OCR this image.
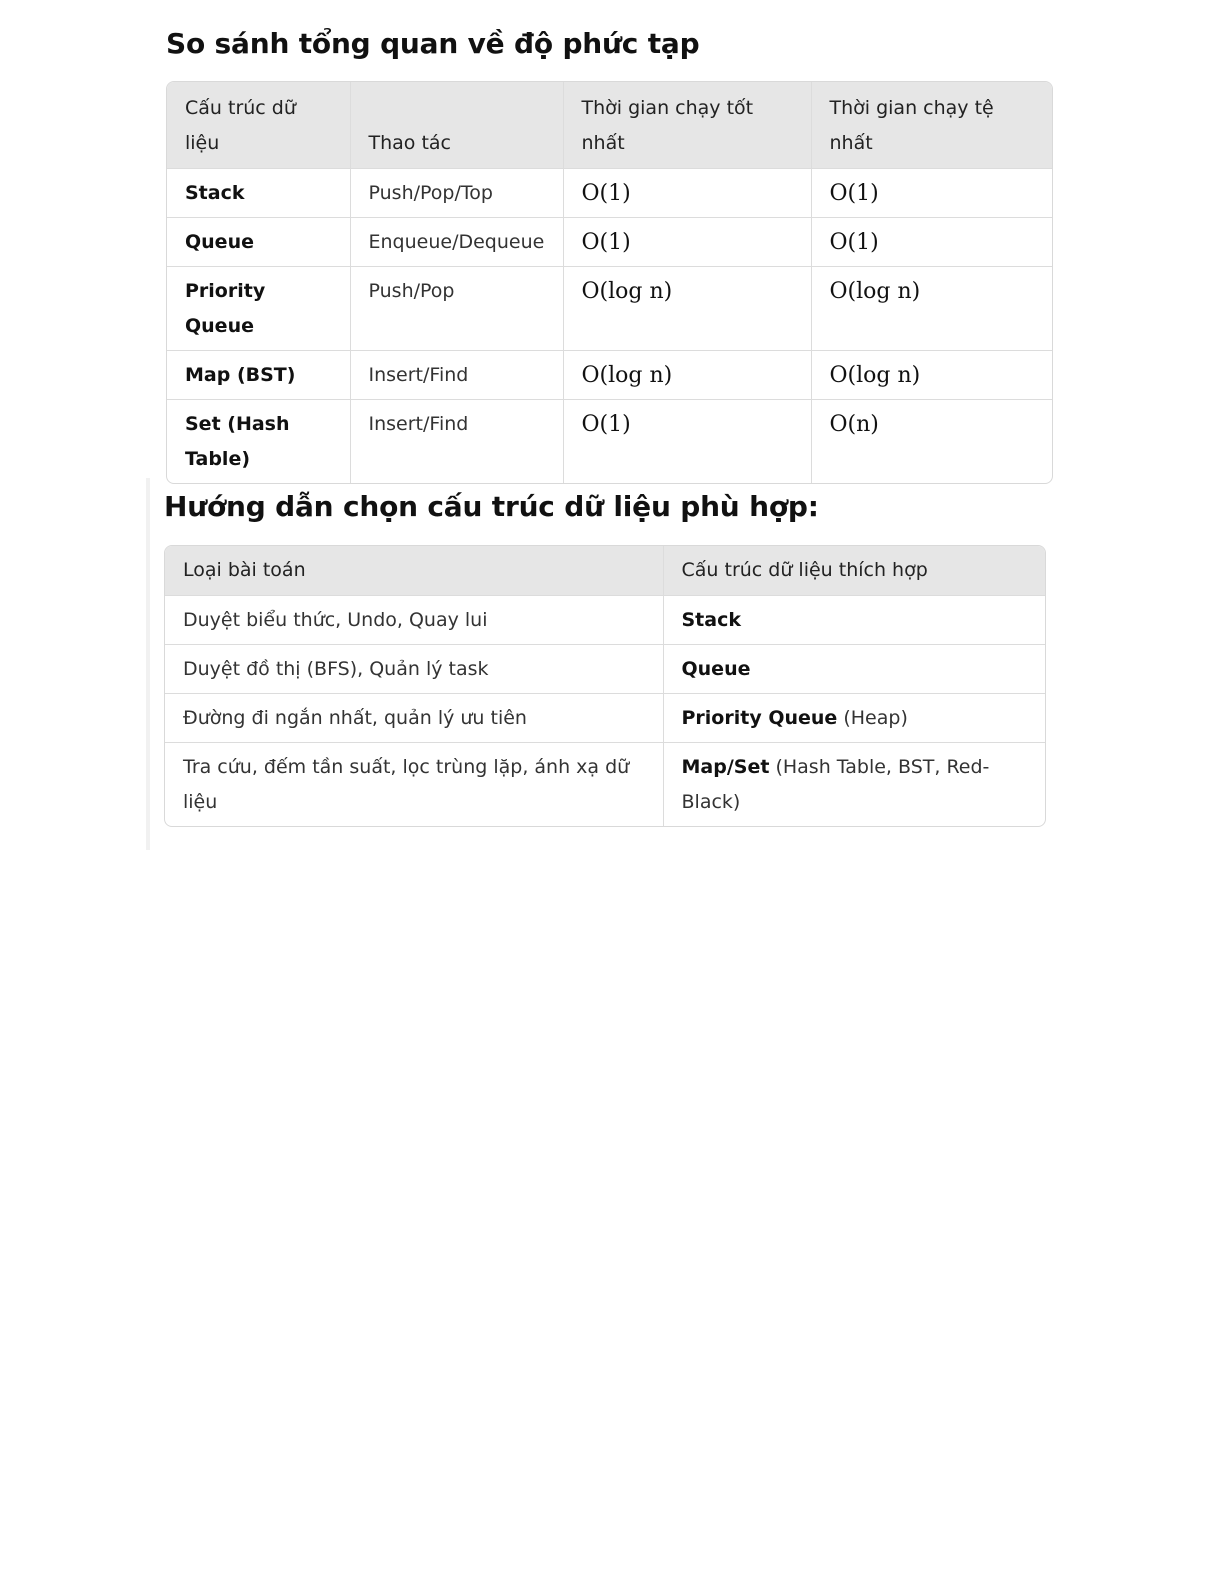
So sánh tổng quan về độ phức tạp
Cấu trúc dữ liệu	Thao tác	Thời gian chạy tốt nhất	Thời gian chạy tệ nhất
Stack	Push/Pop/Top	O(1)	O(1)
Queue	Enqueue/Dequeue	O(1)	O(1)
Priority Queue	Push/Pop	O(log n)	O(log n)
Map (BST)	Insert/Find	O(log n)	O(log n)
Set (Hash Table)	Insert/Find	O(1)	O(n)
Hướng dẫn chọn cấu trúc dữ liệu phù hợp:
Loại bài toán	Cấu trúc dữ liệu thích hợp
Duyệt biểu thức, Undo, Quay lui	Stack
Duyệt đồ thị (BFS), Quản lý task	Queue
Đường đi ngắn nhất, quản lý ưu tiên	Priority Queue (Heap)
Tra cứu, đếm tần suất, lọc trùng lặp, ánh xạ dữ liệu	Map/Set (Hash Table, BST, Red-Black)
